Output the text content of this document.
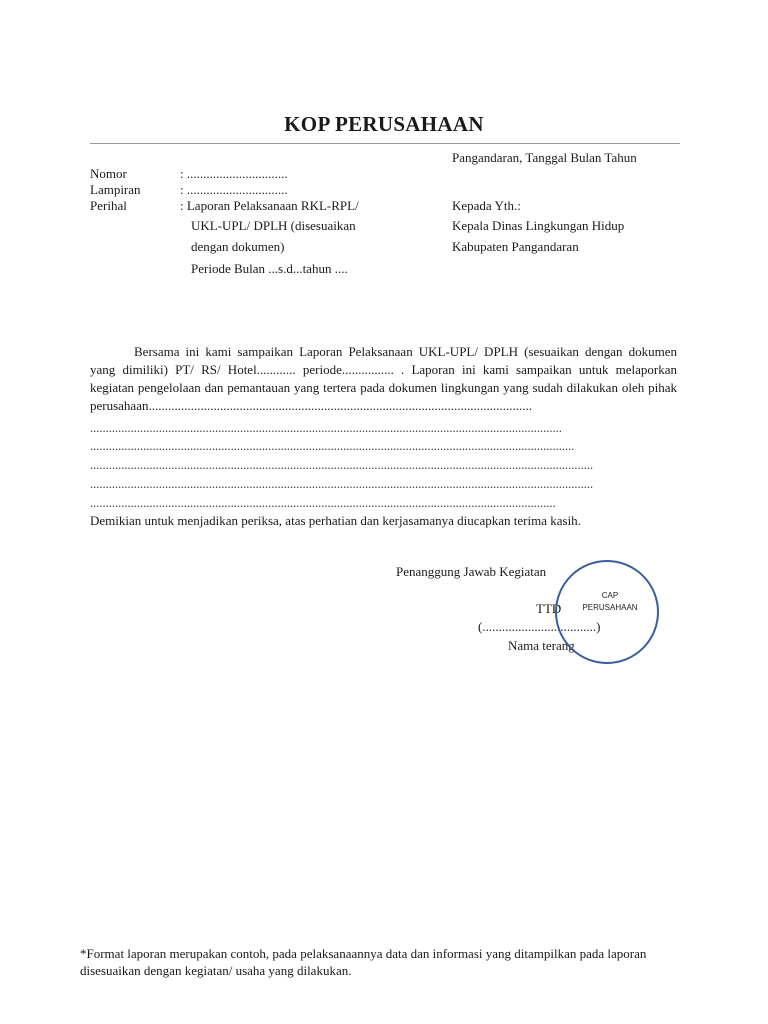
KOP PERUSAHAAN
Pangandaran, Tanggal Bulan Tahun
Nomor	: ...............................
Lampiran	: ...............................
Perihal	: Laporan Pelaksanaan RKL-RPL/
UKL-UPL/ DPLH (disesuaikan
dengan dokumen)
Periode Bulan ...s.d...tahun ....
Kepada Yth.:
Kepala Dinas Lingkungan Hidup
Kabupaten Pangandaran
Bersama ini kami sampaikan Laporan Pelaksanaan UKL-UPL/ DPLH (sesuaikan dengan dokumen yang dimiliki) PT/ RS/ Hotel............ periode................ . Laporan ini kami sampaikan untuk melaporkan kegiatan pengelolaan dan pemantauan yang tertera pada dokumen lingkungan yang sudah dilakukan oleh pihak perusahaan......................................................................................................................
.......................................................................................................................................................
...........................................................................................................................................................
.................................................................................................................................................................
.................................................................................................................................................................
.....................................................................................................................................................
Demikian untuk menjadikan periksa, atas perhatian dan kerjasamanya diucapkan terima kasih.
Penanggung Jawab Kegiatan
TTD
(...................................)
Nama terang
CAP
PERUSAHAAN
*Format laporan merupakan contoh, pada pelaksanaannya data dan informasi yang ditampilkan pada laporan disesuaikan dengan kegiatan/ usaha yang dilakukan.
